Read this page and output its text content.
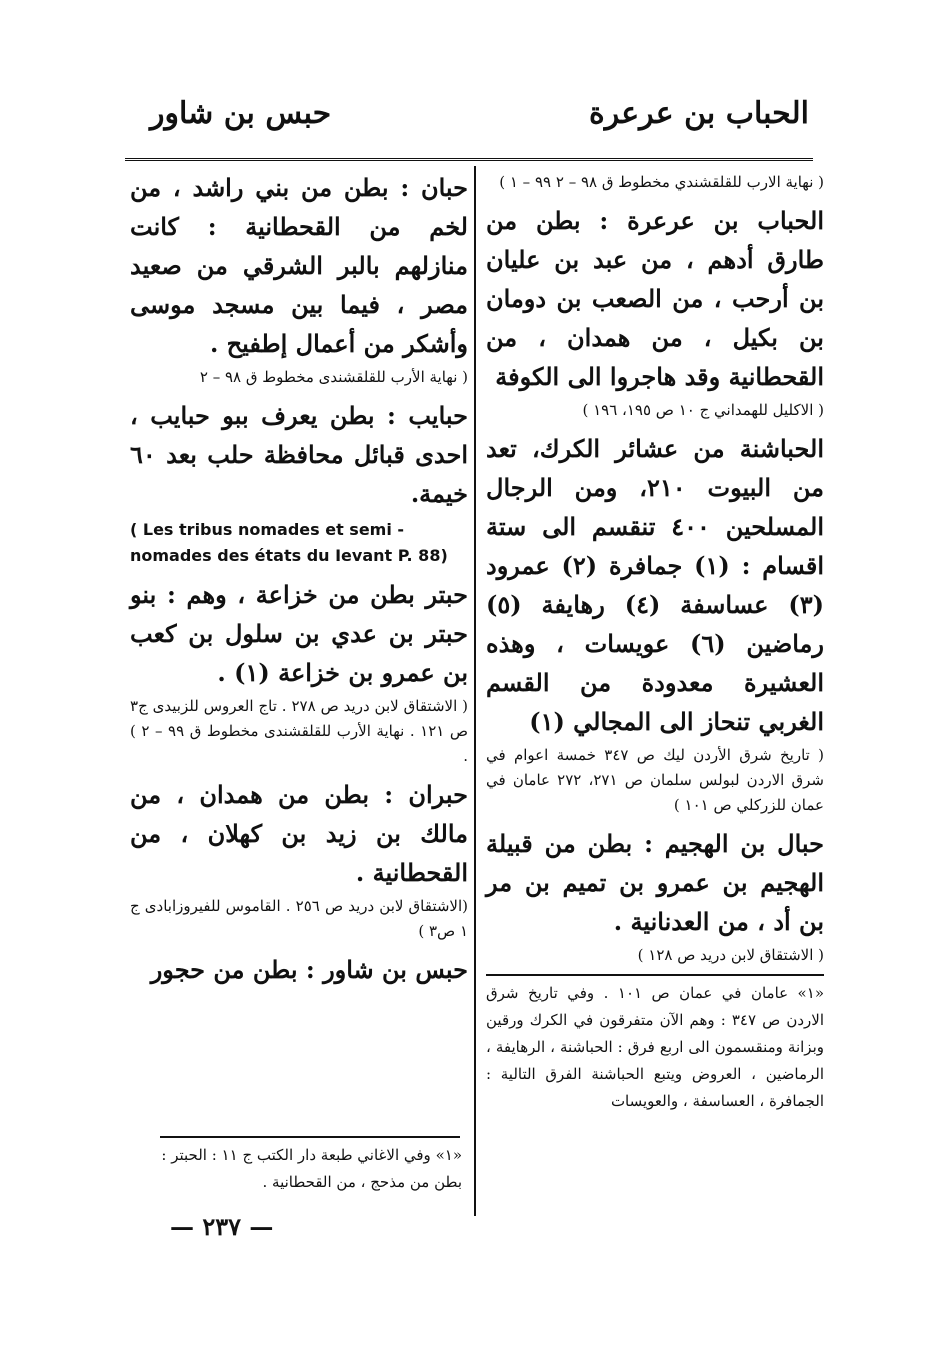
الحباب بن عرعرة
حبس بن شاور

( نهاية الارب للقلقشندي مخطوط ق ٩٨ – ٢ ٩٩ – ١ )

الحباب بن عرعرة : بطن من طارق أدهم ، من عبد بن عليان بن أرحب ، من الصعب بن دومان بن بكيل ، من همدان ، من القحطانية وقد هاجروا الى الكوفة

( الاكليل للهمداني ج ١٠ ص ١٩٥، ١٩٦ )

الحباشنة من عشائر الكرك، تعد من البيوت ٢١٠، ومن الرجال المسلحين ٤٠٠ تنقسم الى ستة اقسام : (١) جمافرة (٢) عمرود (٣) عساسفة (٤) رهايفة (٥) رماضين (٦) عويسات ، وهذه العشيرة معدودة من القسم الغربي تنحاز الى المجالي (١)

( تاريخ شرق الأردن ليك ص ٣٤٧ خمسة اعوام في شرق الاردن لبولس سلمان ص ٢٧١، ٢٧٢ عامان في عمان للزركلي ص ١٠١ )

حبال بن الهجيم : بطن من قبيلة الهجيم بن عمرو بن تميم بن مر بن أد ، من العدنانية .

( الاشتقاق لابن دريد ص ١٢٨ )

«١» عامان في عمان ص ١٠١ . وفي تاريخ شرق الاردن ص ٣٤٧ : وهم الآن متفرقون في الكرك ورقين وبزانة ومنقسمون الى اربع فرق : الحباشنة ، الرهايفة ، الرماضين ، العروض ويتبع الحباشنة الفرق التالية : الجمافرة ، العساسفة ، والعويسات

حبان : بطن من بني راشد ، من لخم من القحطانية : كانت منازلهم بالبر الشرقي من صعيد مصر ، فيما بين مسجد موسى وأشكر من أعمال إطفيح .

( نهاية الأرب للقلقشندى مخطوط ق ٩٨ – ٢

حبايب : بطن يعرف ببو حبايب ، احدى قبائل محافظة حلب بعد ٦٠ خيمة.

( Les tribus nomades et semi - nomades des états du Ievant P. 88)

حبتر بطن من خزاعة ، وهم : بنو حبتر بن عدي بن سلول بن كعب بن عمرو بن خزاعة (١) .

( الاشتقاق لابن دريد ص ٢٧٨ . تاج العروس للزبيدى ج٣ ص ١٢١ . نهاية الأرب للقلقشندى مخطوط ق ٩٩ – ٢ ) .

حبران : بطن من همدان ، من مالك بن زيد بن كهلان ، من القحطانية .

(الاشتقاق لابن دريد ص ٢٥٦ . القاموس للفيروزابادى ج ١ ص٣ )

حبس بن شاور : بطن من حجور

«١» وفي الاغاني طبعة دار الكتب ج ١١ : الحبتر : بطن من مذحج ، من القحطانية .

— ٢٣٧ —
